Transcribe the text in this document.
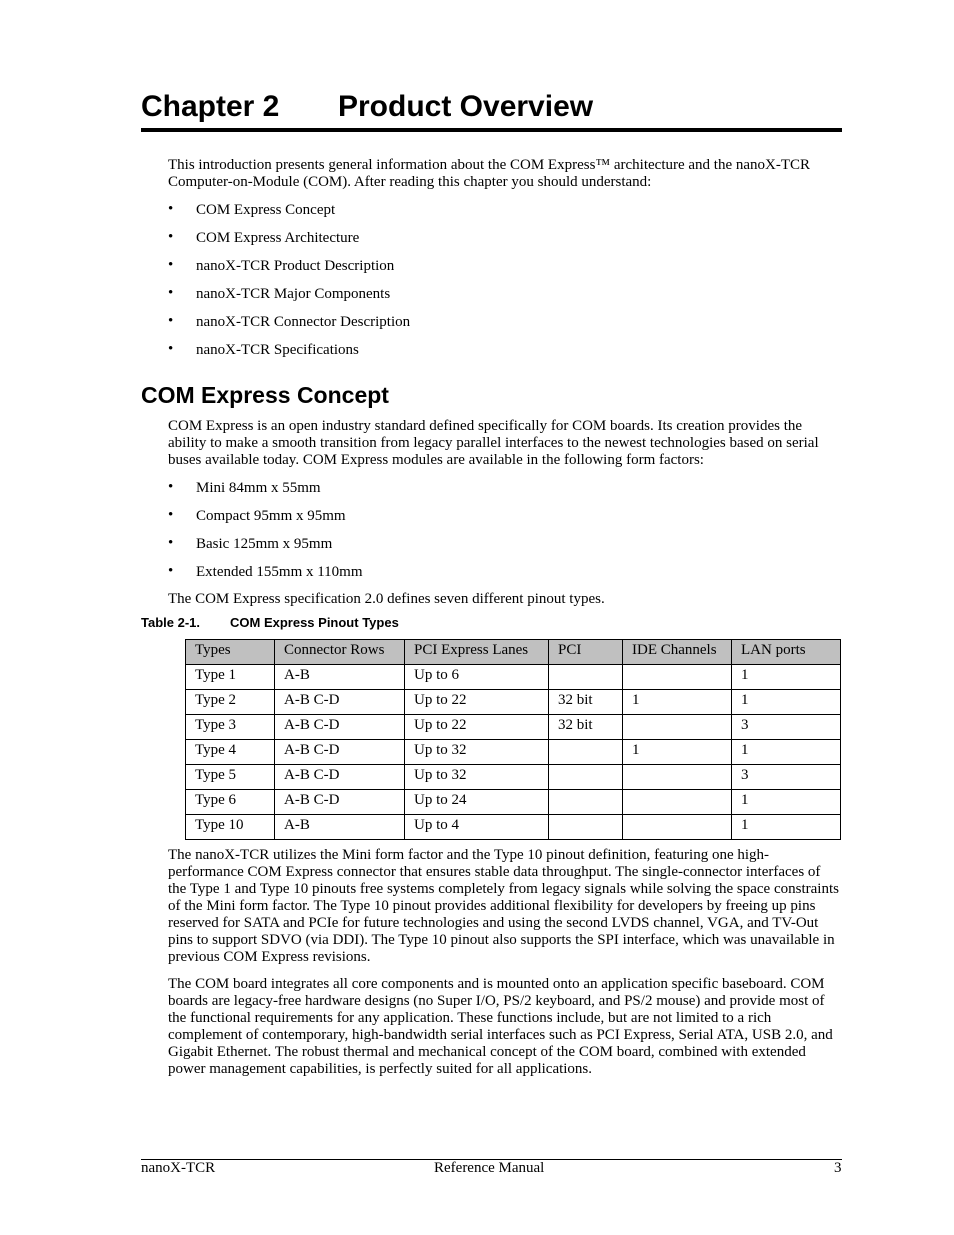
Chapter 2 Product Overview

This introduction presents general information about the COM Express™ architecture and the nanoX-TCR Computer-on-Module (COM). After reading this chapter you should understand:

• COM Express Concept
• COM Express Architecture
• nanoX-TCR Product Description
• nanoX-TCR Major Components
• nanoX-TCR Connector Description
• nanoX-TCR Specifications
COM Express Concept

COM Express is an open industry standard defined specifically for COM boards. Its creation provides the ability to make a smooth transition from legacy parallel interfaces to the newest technologies based on serial buses available today. COM Express modules are available in the following form factors:

• Mini 84mm x 55mm
• Compact 95mm x 95mm
• Basic 125mm x 95mm
• Extended 155mm x 110mm

The COM Express specification 2.0 defines seven different pinout types.

Table 2-1. COM Express Pinout Types

Types	Connector Rows	PCI Express Lanes	PCI	IDE Channels	LAN ports
Type 1	A-B	Up to 6			1
Type 2	A-B C-D	Up to 22	32 bit	1	1
Type 3	A-B C-D	Up to 22	32 bit		3
Type 4	A-B C-D	Up to 32		1	1
Type 5	A-B C-D	Up to 32			3
Type 6	A-B C-D	Up to 24			1
Type 10	A-B	Up to 4			1

The nanoX-TCR utilizes the Mini form factor and the Type 10 pinout definition, featuring one high-performance COM Express connector that ensures stable data throughput. The single-connector interfaces of the Type 1 and Type 10 pinouts free systems completely from legacy signals while solving the space constraints of the Mini form factor. The Type 10 pinout provides additional flexibility for developers by freeing up pins reserved for SATA and PCIe for future technologies and using the second LVDS channel, VGA, and TV-Out pins to support SDVO (via DDI). The Type 10 pinout also supports the SPI interface, which was unavailable in previous COM Express revisions.

The COM board integrates all core components and is mounted onto an application specific baseboard. COM boards are legacy-free hardware designs (no Super I/O, PS/2 keyboard, and PS/2 mouse) and provide most of the functional requirements for any application. These functions include, but are not limited to a rich complement of contemporary, high-bandwidth serial interfaces such as PCI Express, Serial ATA, USB 2.0, and Gigabit Ethernet. The robust thermal and mechanical concept of the COM board, combined with extended power management capabilities, is perfectly suited for all applications.

nanoX-TCR	Reference Manual	3
